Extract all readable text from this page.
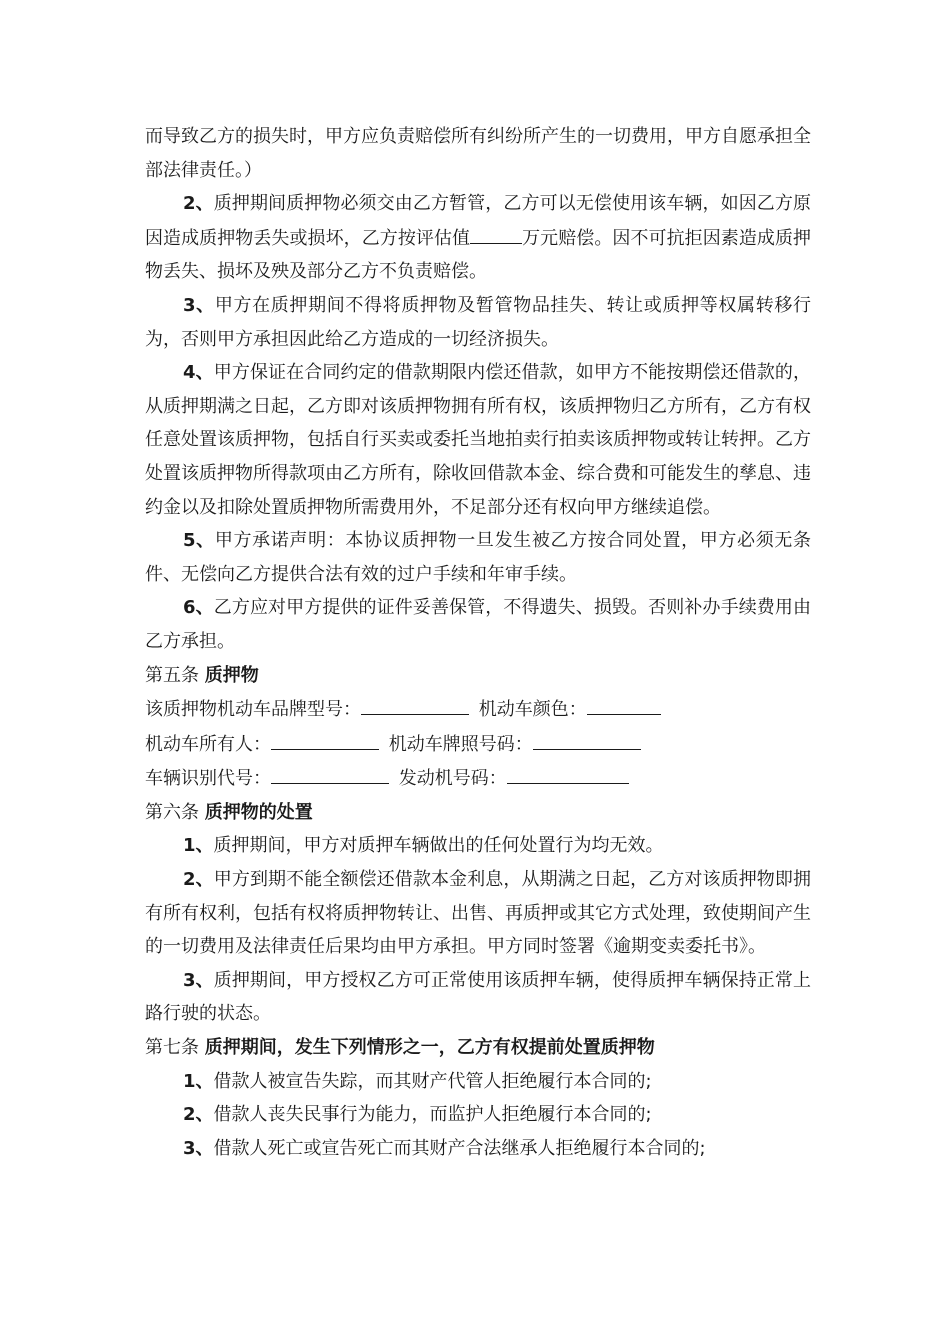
而导致乙方的损失时，甲方应负责赔偿所有纠纷所产生的一切费用，甲方自愿承担全部法律责任。）

2、质押期间质押物必须交由乙方暂管，乙方可以无偿使用该车辆，如因乙方原因造成质押物丢失或损坏，乙方按评估值	万元赔偿。因不可抗拒因素造成质押物丢失、损坏及殃及部分乙方不负责赔偿。

3、甲方在质押期间不得将质押物及暂管物品挂失、转让或质押等权属转移行为，否则甲方承担因此给乙方造成的一切经济损失。

4、甲方保证在合同约定的借款期限内偿还借款，如甲方不能按期偿还借款的，从质押期满之日起，乙方即对该质押物拥有所有权，该质押物归乙方所有，乙方有权任意处置该质押物，包括自行买卖或委托当地拍卖行拍卖该质押物或转让转押。乙方处置该质押物所得款项由乙方所有，除收回借款本金、综合费和可能发生的孳息、违约金以及扣除处置质押物所需费用外，不足部分还有权向甲方继续追偿。

5、甲方承诺声明：本协议质押物一旦发生被乙方按合同处置，甲方必须无条件、无偿向乙方提供合法有效的过户手续和年审手续。

6、乙方应对甲方提供的证件妥善保管，不得遗失、损毁。否则补办手续费用由乙方承担。

第五条 质押物

该质押物机动车品牌型号：	机动车颜色：

机动车所有人：	机动车牌照号码：

车辆识别代号：	发动机号码：

第六条 质押物的处置

1、质押期间，甲方对质押车辆做出的任何处置行为均无效。

2、甲方到期不能全额偿还借款本金利息，从期满之日起，乙方对该质押物即拥有所有权利，包括有权将质押物转让、出售、再质押或其它方式处理，致使期间产生的一切费用及法律责任后果均由甲方承担。甲方同时签署《逾期变卖委托书》。

3、质押期间，甲方授权乙方可正常使用该质押车辆，使得质押车辆保持正常上路行驶的状态。

第七条 质押期间，发生下列情形之一，乙方有权提前处置质押物

1、借款人被宣告失踪，而其财产代管人拒绝履行本合同的;

2、借款人丧失民事行为能力，而监护人拒绝履行本合同的;

3、借款人死亡或宣告死亡而其财产合法继承人拒绝履行本合同的;
